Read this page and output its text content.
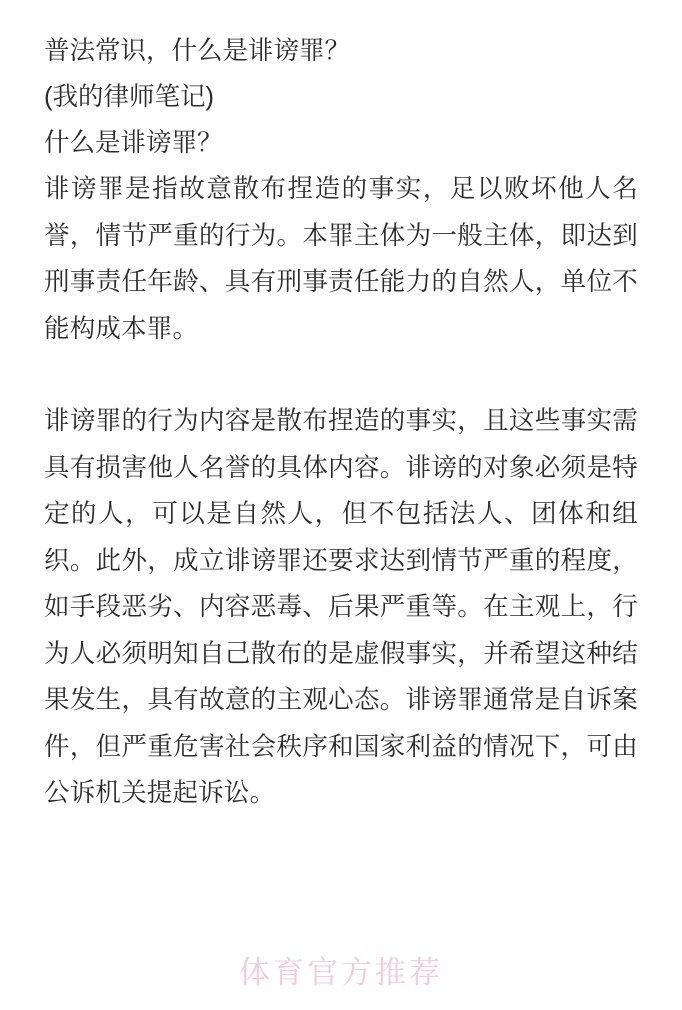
普法常识，什么是诽谤罪？
(我的律师笔记)
什么是诽谤罪？

诽谤罪是指故意散布捏造的事实，足以败坏他人名誉，情节严重的行为。本罪主体为一般主体，即达到刑事责任年龄、具有刑事责任能力的自然人，单位不能构成本罪。

诽谤罪的行为内容是散布捏造的事实，且这些事实需具有损害他人名誉的具体内容。诽谤的对象必须是特定的人，可以是自然人，但不包括法人、团体和组织。此外，成立诽谤罪还要求达到情节严重的程度，如手段恶劣、内容恶毒、后果严重等。在主观上，行为人必须明知自己散布的是虚假事实，并希望这种结果发生，具有故意的主观心态。诽谤罪通常是自诉案件，但严重危害社会秩序和国家利益的情况下，可由公诉机关提起诉讼。

体育官方推荐
